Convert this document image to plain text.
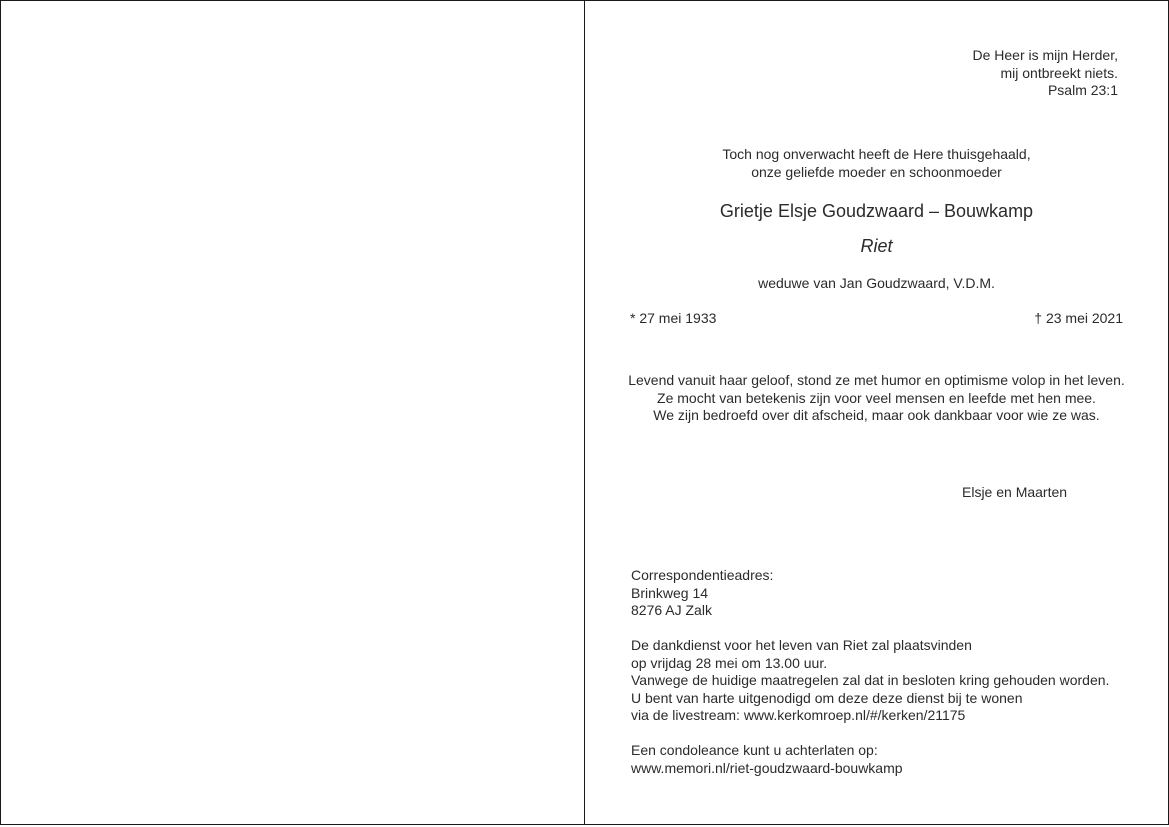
De Heer is mijn Herder,
mij ontbreekt niets.
Psalm 23:1
Toch nog onverwacht heeft de Here thuisgehaald,
onze geliefde moeder en schoonmoeder
Grietje Elsje Goudzwaard – Bouwkamp
Riet
weduwe van Jan Goudzwaard, V.D.M.
* 27 mei 1933	† 23 mei 2021
Levend vanuit haar geloof, stond ze met humor en optimisme volop in het leven.
Ze mocht van betekenis zijn voor veel mensen en leefde met hen mee.
We zijn bedroefd over dit afscheid, maar ook dankbaar voor wie ze was.
Elsje en Maarten
Correspondentieadres:
Brinkweg 14
8276 AJ Zalk
De dankdienst voor het leven van Riet zal plaatsvinden
op vrijdag 28 mei om 13.00 uur.
Vanwege de huidige maatregelen zal dat in besloten kring gehouden worden.
U bent van harte uitgenodigd om deze deze dienst bij te wonen
via de livestream: www.kerkomroep.nl/#/kerken/21175
Een condoleance kunt u achterlaten op:
www.memori.nl/riet-goudzwaard-bouwkamp
